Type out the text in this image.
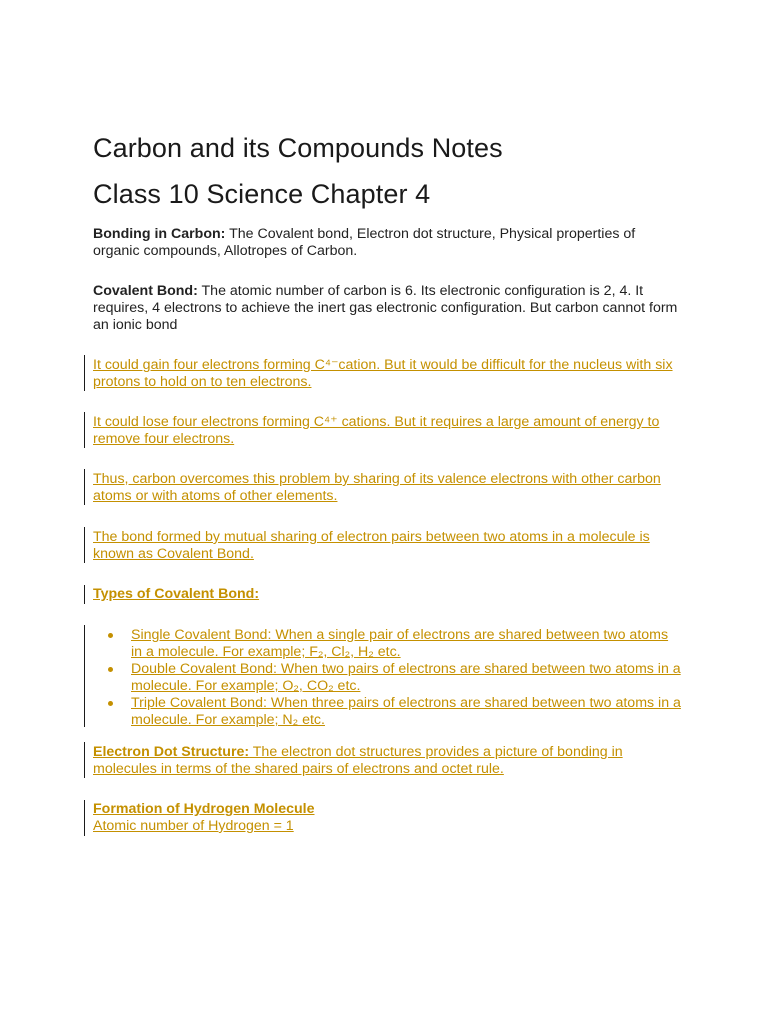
Carbon and its Compounds Notes
Class 10 Science Chapter 4

Bonding in Carbon: The Covalent bond, Electron dot structure, Physical properties of organic compounds, Allotropes of Carbon.

Covalent Bond: The atomic number of carbon is 6. Its electronic configuration is 2, 4. It requires, 4 electrons to achieve the inert gas electronic configuration. But carbon cannot form an ionic bond

It could gain four electrons forming C⁴⁻cation. But it would be difficult for the nucleus with six protons to hold on to ten electrons.

It could lose four electrons forming C⁴⁺ cations. But it requires a large amount of energy to remove four electrons.

Thus, carbon overcomes this problem by sharing of its valence electrons with other carbon atoms or with atoms of other elements.

The bond formed by mutual sharing of electron pairs between two atoms in a molecule is known as Covalent Bond.

Types of Covalent Bond:

Single Covalent Bond: When a single pair of electrons are shared between two atoms in a molecule. For example; F₂, Cl₂, H₂ etc.
Double Covalent Bond: When two pairs of electrons are shared between two atoms in a molecule. For example; O₂, CO₂ etc.
Triple Covalent Bond: When three pairs of electrons are shared between two atoms in a molecule. For example; N₂ etc.

Electron Dot Structure: The electron dot structures provides a picture of bonding in molecules in terms of the shared pairs of electrons and octet rule.

Formation of Hydrogen Molecule
Atomic number of Hydrogen = 1
